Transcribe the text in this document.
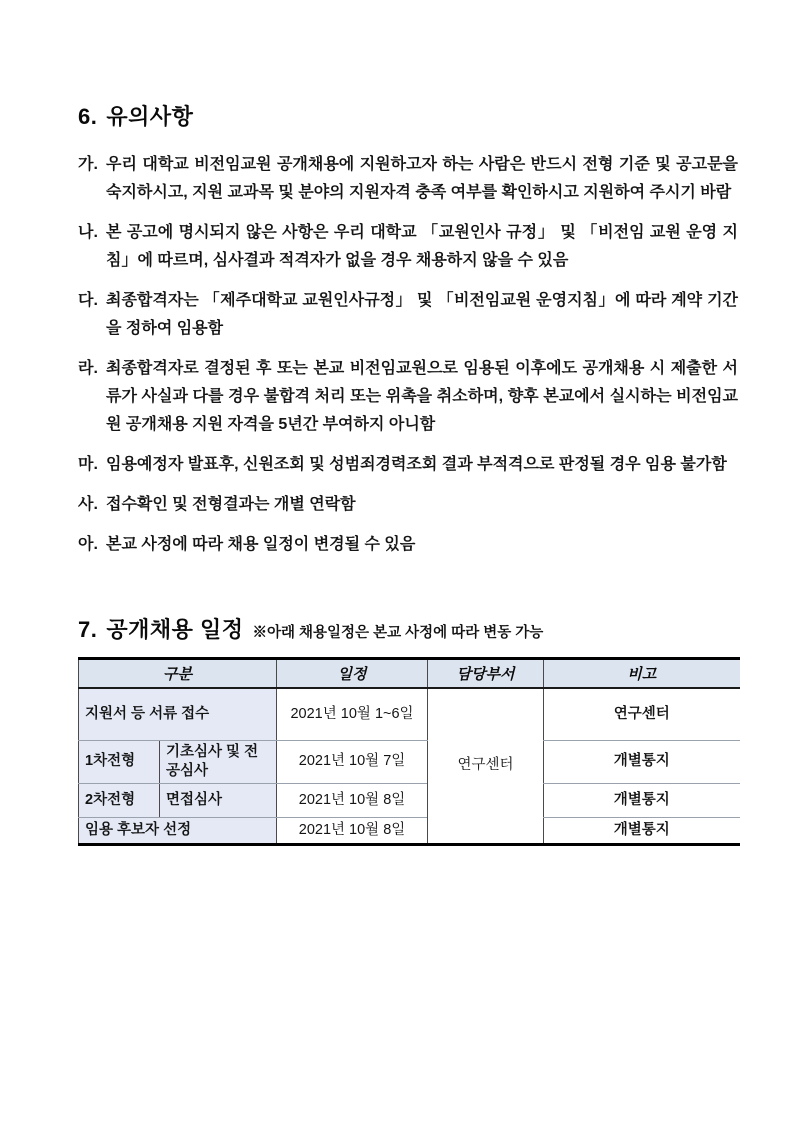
6. 유의사항
가. 우리 대학교 비전임교원 공개채용에 지원하고자 하는 사람은 반드시 전형 기준 및 공고문을 숙지하시고, 지원 교과목 및 분야의 지원자격 충족 여부를 확인하시고 지원하여 주시기 바람

나. 본 공고에 명시되지 않은 사항은 우리 대학교 「교원인사 규정」 및 「비전임 교원 운영 지침」에 따르며, 심사결과 적격자가 없을 경우 채용하지 않을 수 있음

다. 최종합격자는 「제주대학교 교원인사규정」 및 「비전임교원 운영지침」에 따라 계약 기간을 정하여 임용함

라. 최종합격자로 결정된 후 또는 본교 비전임교원으로 임용된 이후에도 공개채용 시 제출한 서류가 사실과 다를 경우 불합격 처리 또는 위촉을 취소하며, 향후 본교에서 실시하는 비전임교원 공개채용 지원 자격을 5년간 부여하지 아니함

마. 임용예정자 발표후, 신원조회 및 성범죄경력조회 결과 부적격으로 판정될 경우 임용 불가함

사. 접수확인 및 전형결과는 개별 연락함

아. 본교 사정에 따라 채용 일정이 변경될 수 있음

7. 공개채용 일정 ※아래 채용일정은 본교 사정에 따라 변동 가능
구분		일정	담당부서	비고
지원서 등 서류 접수		2021년 10월 1~6일	연구센터	연구센터
1차전형	기초심사 및 전공심사	2021년 10월 7일		개별통지
2차전형	면접심사	2021년 10월 8일		개별통지
임용 후보자 선정		2021년 10월 8일		개별통지
